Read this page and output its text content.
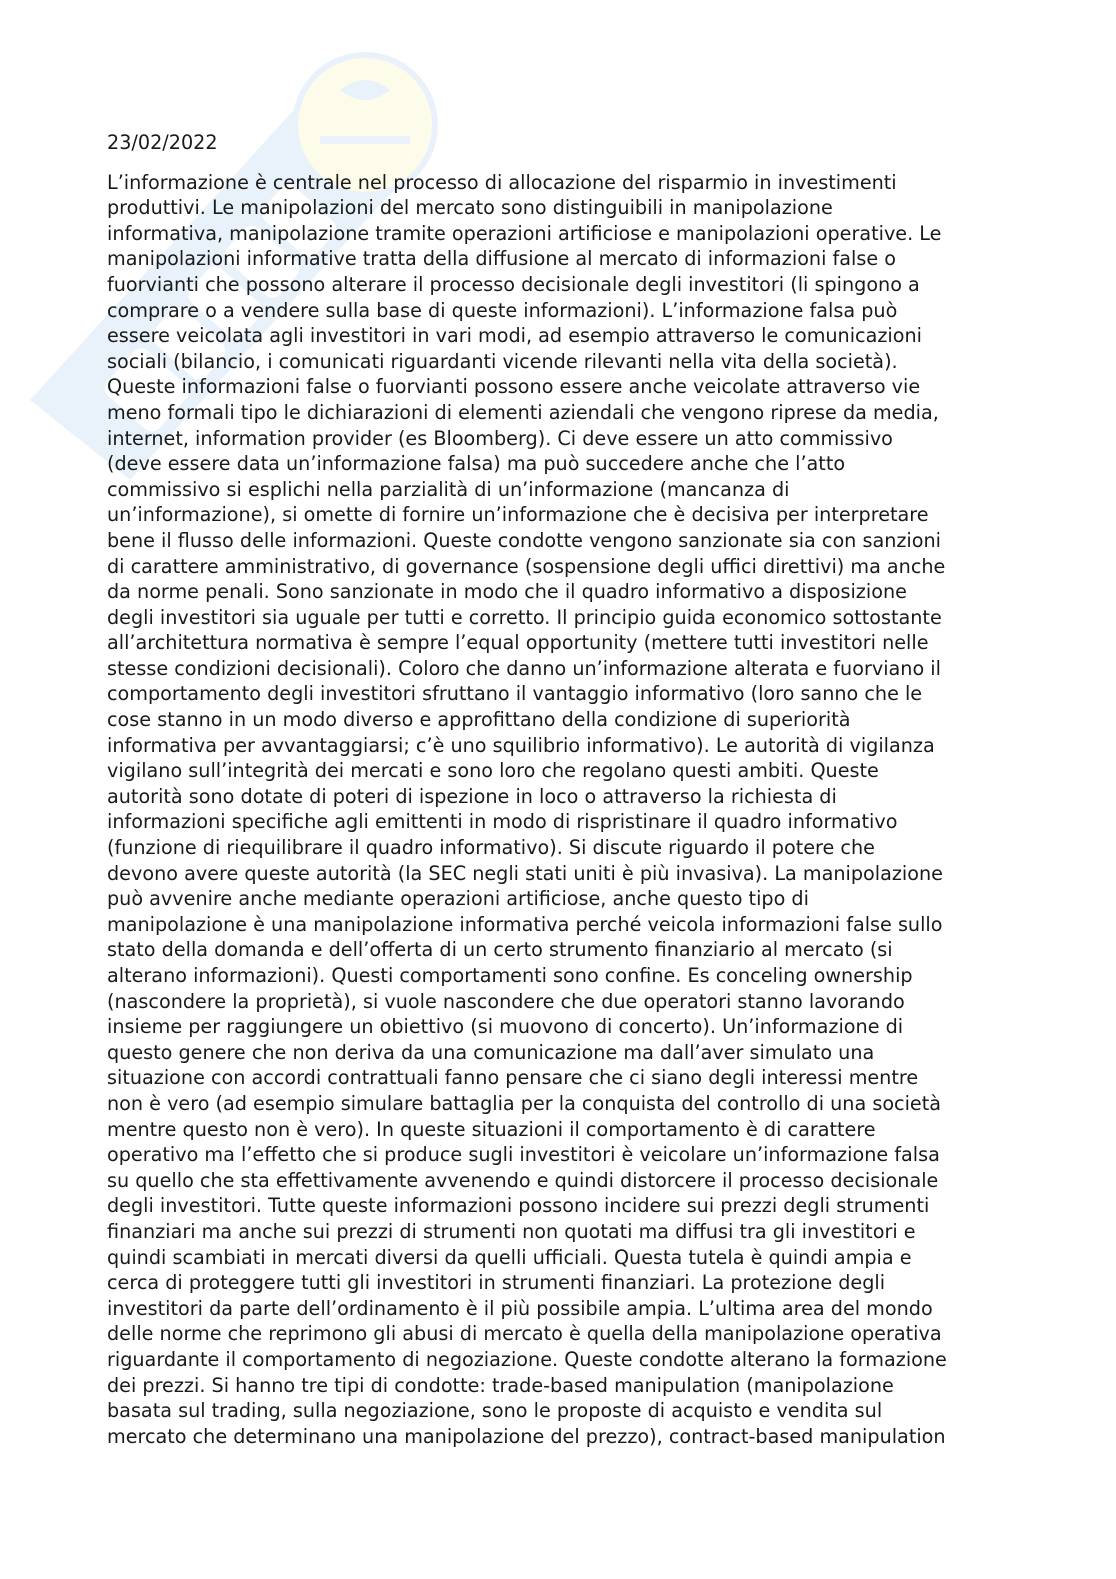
23/02/2022

L’informazione è centrale nel processo di allocazione del risparmio in investimenti
produttivi. Le manipolazioni del mercato sono distinguibili in manipolazione
informativa, manipolazione tramite operazioni artificiose e manipolazioni operative. Le
manipolazioni informative tratta della diffusione al mercato di informazioni false o
fuorvianti che possono alterare il processo decisionale degli investitori (li spingono a
comprare o a vendere sulla base di queste informazioni). L’informazione falsa può
essere veicolata agli investitori in vari modi, ad esempio attraverso le comunicazioni
sociali (bilancio, i comunicati riguardanti vicende rilevanti nella vita della società).
Queste informazioni false o fuorvianti possono essere anche veicolate attraverso vie
meno formali tipo le dichiarazioni di elementi aziendali che vengono riprese da media,
internet, information provider (es Bloomberg). Ci deve essere un atto commissivo
(deve essere data un’informazione falsa) ma può succedere anche che l’atto
commissivo si esplichi nella parzialità di un’informazione (mancanza di
un’informazione), si omette di fornire un’informazione che è decisiva per interpretare
bene il flusso delle informazioni. Queste condotte vengono sanzionate sia con sanzioni
di carattere amministrativo, di governance (sospensione degli uffici direttivi) ma anche
da norme penali. Sono sanzionate in modo che il quadro informativo a disposizione
degli investitori sia uguale per tutti e corretto. Il principio guida economico sottostante
all’architettura normativa è sempre l’equal opportunity (mettere tutti investitori nelle
stesse condizioni decisionali). Coloro che danno un’informazione alterata e fuorviano il
comportamento degli investitori sfruttano il vantaggio informativo (loro sanno che le
cose stanno in un modo diverso e approfittano della condizione di superiorità
informativa per avvantaggiarsi; c’è uno squilibrio informativo). Le autorità di vigilanza
vigilano sull’integrità dei mercati e sono loro che regolano questi ambiti. Queste
autorità sono dotate di poteri di ispezione in loco o attraverso la richiesta di
informazioni specifiche agli emittenti in modo di rispristinare il quadro informativo
(funzione di riequilibrare il quadro informativo). Si discute riguardo il potere che
devono avere queste autorità (la SEC negli stati uniti è più invasiva). La manipolazione
può avvenire anche mediante operazioni artificiose, anche questo tipo di
manipolazione è una manipolazione informativa perché veicola informazioni false sullo
stato della domanda e dell’offerta di un certo strumento finanziario al mercato (si
alterano informazioni). Questi comportamenti sono confine. Es conceling ownership
(nascondere la proprietà), si vuole nascondere che due operatori stanno lavorando
insieme per raggiungere un obiettivo (si muovono di concerto). Un’informazione di
questo genere che non deriva da una comunicazione ma dall’aver simulato una
situazione con accordi contrattuali fanno pensare che ci siano degli interessi mentre
non è vero (ad esempio simulare battaglia per la conquista del controllo di una società
mentre questo non è vero). In queste situazioni il comportamento è di carattere
operativo ma l’effetto che si produce sugli investitori è veicolare un’informazione falsa
su quello che sta effettivamente avvenendo e quindi distorcere il processo decisionale
degli investitori. Tutte queste informazioni possono incidere sui prezzi degli strumenti
finanziari ma anche sui prezzi di strumenti non quotati ma diffusi tra gli investitori e
quindi scambiati in mercati diversi da quelli ufficiali. Questa tutela è quindi ampia e
cerca di proteggere tutti gli investitori in strumenti finanziari. La protezione degli
investitori da parte dell’ordinamento è il più possibile ampia. L’ultima area del mondo
delle norme che reprimono gli abusi di mercato è quella della manipolazione operativa
riguardante il comportamento di negoziazione. Queste condotte alterano la formazione
dei prezzi. Si hanno tre tipi di condotte: trade-based manipulation (manipolazione
basata sul trading, sulla negoziazione, sono le proposte di acquisto e vendita sul
mercato che determinano una manipolazione del prezzo), contract-based manipulation
